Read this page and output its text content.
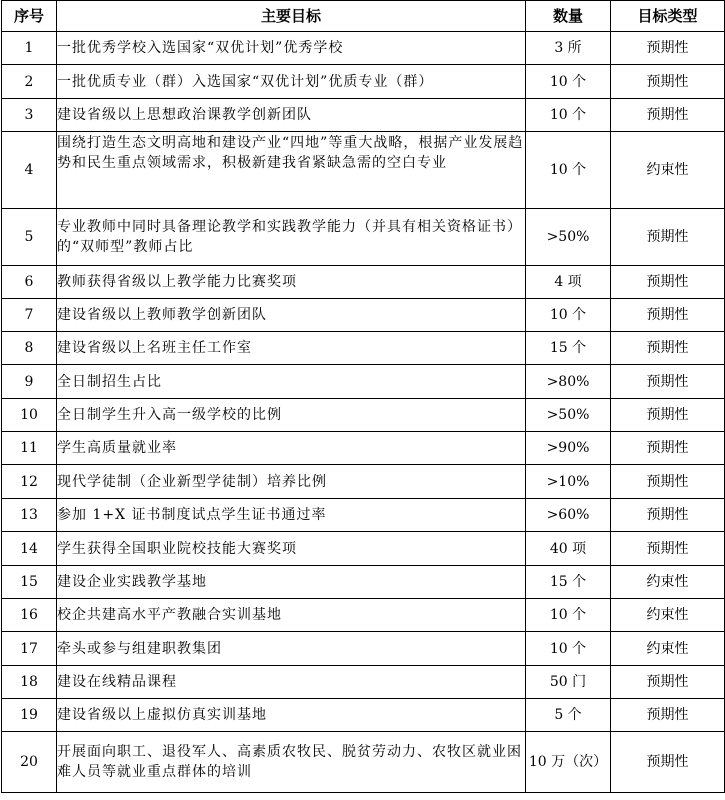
序号	主要目标	数量	目标类型
1	一批优秀学校入选国家“双优计划”优秀学校	3 所	预期性
2	一批优质专业（群）入选国家“双优计划”优质专业（群）	10 个	预期性
3	建设省级以上思想政治课教学创新团队	10 个	预期性
4	围绕打造生态文明高地和建设产业“四地”等重大战略，根据产业发展趋势和民生重点领域需求，积极新建我省紧缺急需的空白专业	10 个	约束性
5	专业教师中同时具备理论教学和实践教学能力（并具有相关资格证书）的“双师型”教师占比	>50%	预期性
6	教师获得省级以上教学能力比赛奖项	4 项	预期性
7	建设省级以上教师教学创新团队	10 个	预期性
8	建设省级以上名班主任工作室	15 个	预期性
9	全日制招生占比	>80%	预期性
10	全日制学生升入高一级学校的比例	>50%	预期性
11	学生高质量就业率	>90%	预期性
12	现代学徒制（企业新型学徒制）培养比例	>10%	预期性
13	参加 1+X 证书制度试点学生证书通过率	>60%	预期性
14	学生获得全国职业院校技能大赛奖项	40 项	预期性
15	建设企业实践教学基地	15 个	约束性
16	校企共建高水平产教融合实训基地	10 个	约束性
17	牵头或参与组建职教集团	10 个	约束性
18	建设在线精品课程	50 门	预期性
19	建设省级以上虚拟仿真实训基地	5 个	预期性
20	开展面向职工、退役军人、高素质农牧民、脱贫劳动力、农牧区就业困难人员等就业重点群体的培训	10 万（次）	预期性
